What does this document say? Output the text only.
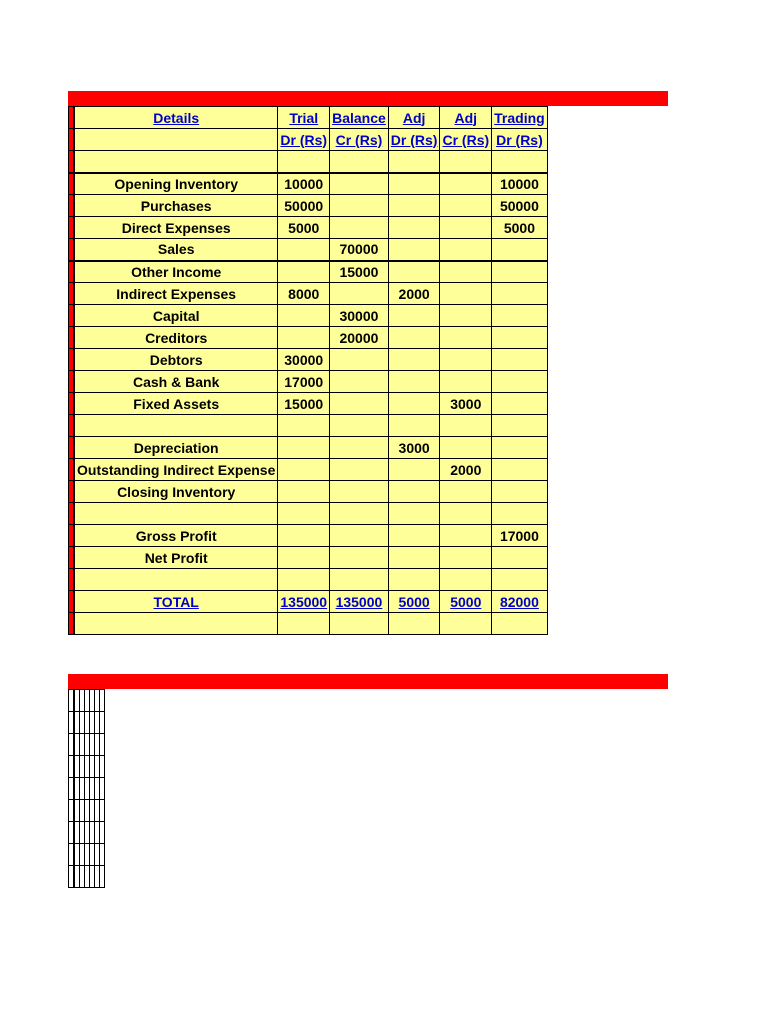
	Details	Trial	Balance	Adj	Adj	Trading
		Dr (Rs)	Cr (Rs)	Dr (Rs)	Cr (Rs)	Dr (Rs)

	Opening Inventory	10000				10000
	Purchases	50000				50000
	Direct Expenses	5000				5000
	Sales		70000			
	Other Income		15000			
	Indirect Expenses	8000		2000		
	Capital		30000			
	Creditors		20000			
	Debtors	30000				
	Cash & Bank	17000				
	Fixed Assets	15000			3000	

	Depreciation			3000		
	Outstanding Indirect Expense				2000	
	Closing Inventory					

	Gross Profit					17000
	Net Profit					

	TOTAL	135000	135000	5000	5000	82000
